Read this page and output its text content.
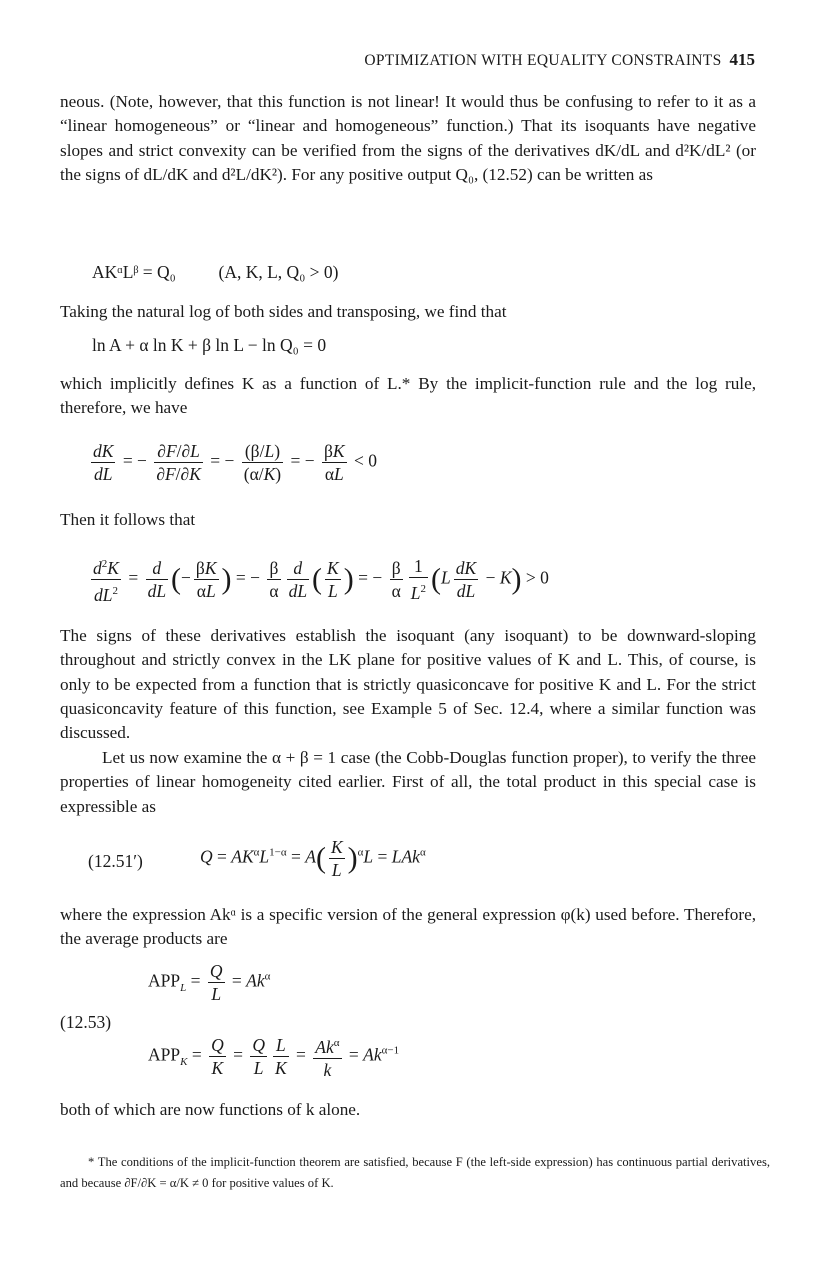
OPTIMIZATION WITH EQUALITY CONSTRAINTS 415

neous. (Note, however, that this function is not linear! It would thus be confusing to refer to it as a “linear homogeneous” or “linear and homogeneous” function.) That its isoquants have negative slopes and strict convexity can be verified from the signs of the derivatives dK/dL and d²K/dL² (or the signs of dL/dK and d²L/dK²). For any positive output Q₀, (12.52) can be written as

AKᵅLᵝ = Q₀ (A, K, L, Q₀ > 0)

Taking the natural log of both sides and transposing, we find that

ln A + α ln K + β ln L − ln Q₀ = 0

which implicitly defines K as a function of L.* By the implicit-function rule and the log rule, therefore, we have

$\frac{dK}{dL}$ = − $\frac{\partial F/\partial L}{\partial F/\partial K}$ = − $\frac{(\beta/L)}{(\alpha/K)}$ = − $\frac{\beta K}{\alpha L} < 0$

Then it follows that

$\frac{d^2K}{dL^2} = \frac{d}{dL}$ (− $\frac{\beta K}{\alpha L}$ ) = − $\frac{\beta}{\alpha} \frac{d}{dL}$ ( $\frac{K}{L}$ ) = − $\frac{\beta}{\alpha} \frac{1}{L^2} (L \frac{dK}{dL} - K) > 0$

The signs of these derivatives establish the isoquant (any isoquant) to be downward-sloping throughout and strictly convex in the LK plane for positive values of K and L. This, of course, is only to be expected from a function that is strictly quasiconcave for positive K and L. For the strict quasiconcavity feature of this function, see Example 5 of Sec. 12.4, where a similar function was discussed.

Let us now examine the α + β = 1 case (the Cobb-Douglas function proper), to verify the three properties of linear homogeneity cited earlier. First of all, the total product in this special case is expressible as

(12.51′)	$Q = AK^\alpha L^{1-\alpha} = A( \frac{K}{L} )^\alpha L = LAk^\alpha$

where the expression Akᵅ is a specific version of the general expression φ(k) used before. Therefore, the average products are

(12.53)
$APP_L = \frac{Q}{L} = Ak^\alpha$
$APP_K = \frac{Q}{K} = \frac{Q}{L} \frac{L}{K} = \frac{Ak^\alpha}{k} = Ak^{\alpha-1}$

both of which are now functions of k alone.

* The conditions of the implicit-function theorem are satisfied, because F (the left-side expression) has continuous partial derivatives, and because ∂F/∂K = α/K ≠ 0 for positive values of K.
